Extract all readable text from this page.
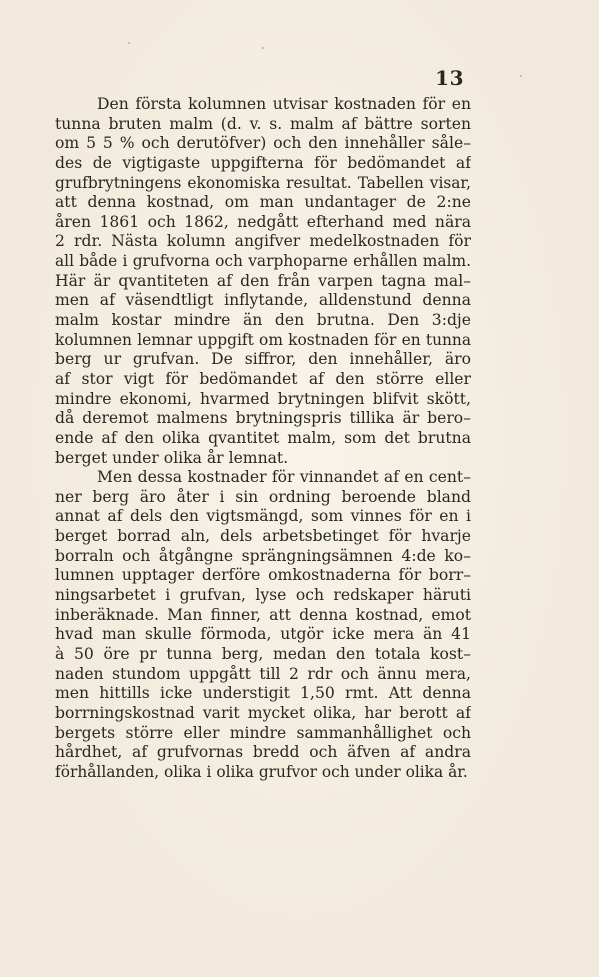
13
Den första kolumnen utvisar kostnaden för en
tunna bruten malm (d. v. s. malm af bättre sorten
om 5 5 % och derutöfver) och den innehåller såle–
des de vigtigaste uppgifterna för bedömandet af
grufbrytningens ekonomiska resultat. Tabellen visar,
att denna kostnad, om man undantager de 2:ne
åren 1861 och 1862, nedgått efterhand med nära
2 rdr. Nästa kolumn angifver medelkostnaden för
all både i grufvorna och varphoparne erhållen malm.
Här är qvantiteten af den från varpen tagna mal–
men af väsendtligt inflytande, alldenstund denna
malm kostar mindre än den brutna. Den 3:dje
kolumnen lemnar uppgift om kostnaden för en tunna
berg ur grufvan. De siffror, den innehåller, äro
af stor vigt för bedömandet af den större eller
mindre ekonomi, hvarmed brytningen blifvit skött,
då deremot malmens brytningspris tillika är bero–
ende af den olika qvantitet malm, som det brutna
berget under olika år lemnat.
Men dessa kostnader för vinnandet af en cent–
ner berg äro åter i sin ordning beroende bland
annat af dels den vigtsmängd, som vinnes för en i
berget borrad aln, dels arbetsbetinget för hvarje
borraln och åtgångne sprängningsämnen 4:de ko–
lumnen upptager derföre omkostnaderna för borr–
ningsarbetet i grufvan, lyse och redskaper häruti
inberäknade. Man finner, att denna kostnad, emot
hvad man skulle förmoda, utgör icke mera än 41
à 50 öre pr tunna berg, medan den totala kost–
naden stundom uppgått till 2 rdr och ännu mera,
men hittills icke understigit 1,50 rmt. Att denna
borrningskostnad varit mycket olika, har berott af
bergets större eller mindre sammanhållighet och
hårdhet, af grufvornas bredd och äfven af andra
förhållanden, olika i olika grufvor och under olika år.
